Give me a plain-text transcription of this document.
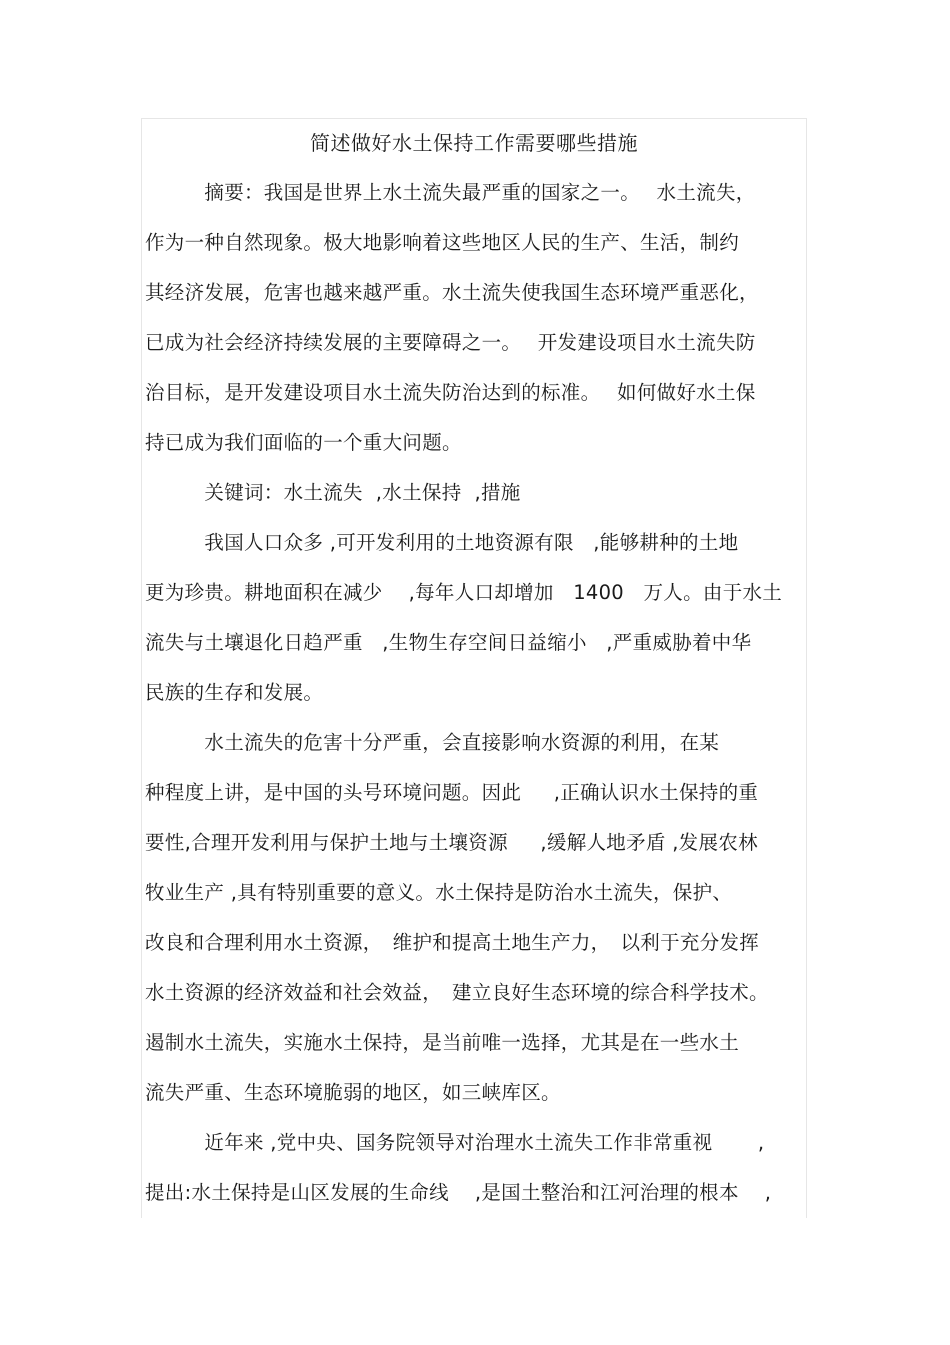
简述做好水土保持工作需要哪些措施
　　　摘要：我国是世界上水土流失最严重的国家之一。　 水土流失，
作为一种自然现象。极大地影响着这些地区人民的生产、生活，制约
其经济发展，危害也越来越严重。水土流失使我国生态环境严重恶化，
已成为社会经济持续发展的主要障碍之一。　 开发建设项目水土流失防
治目标，是开发建设项目水土流失防治达到的标准。　 如何做好水土保
持已成为我们面临的一个重大问题。
　　　关键词：水土流失  ,水土保持  ,措施
　　　我国人口众多 ,可开发利用的土地资源有限   ,能够耕种的土地
更为珍贵。耕地面积在减少    ,每年人口却增加   1400   万人。由于水土
流失与土壤退化日趋严重   ,生物生存空间日益缩小   ,严重威胁着中华
民族的生存和发展。
　　　水土流失的危害十分严重，会直接影响水资源的利用，在某
种程度上讲，是中国的头号环境问题。因此     ,正确认识水土保持的重
要性,合理开发利用与保护土地与土壤资源     ,缓解人地矛盾 ,发展农林
牧业生产 ,具有特别重要的意义。水土保持是防治水土流失，保护、
改良和合理利用水土资源，　维护和提高土地生产力，　以利于充分发挥
水土资源的经济效益和社会效益，　建立良好生态环境的综合科学技术。
遏制水土流失，实施水土保持，是当前唯一选择，尤其是在一些水土
流失严重、生态环境脆弱的地区，如三峡库区。
　　　近年来 ,党中央、国务院领导对治理水土流失工作非常重视       ,
提出:水土保持是山区发展的生命线    ,是国土整治和江河治理的根本    ,
